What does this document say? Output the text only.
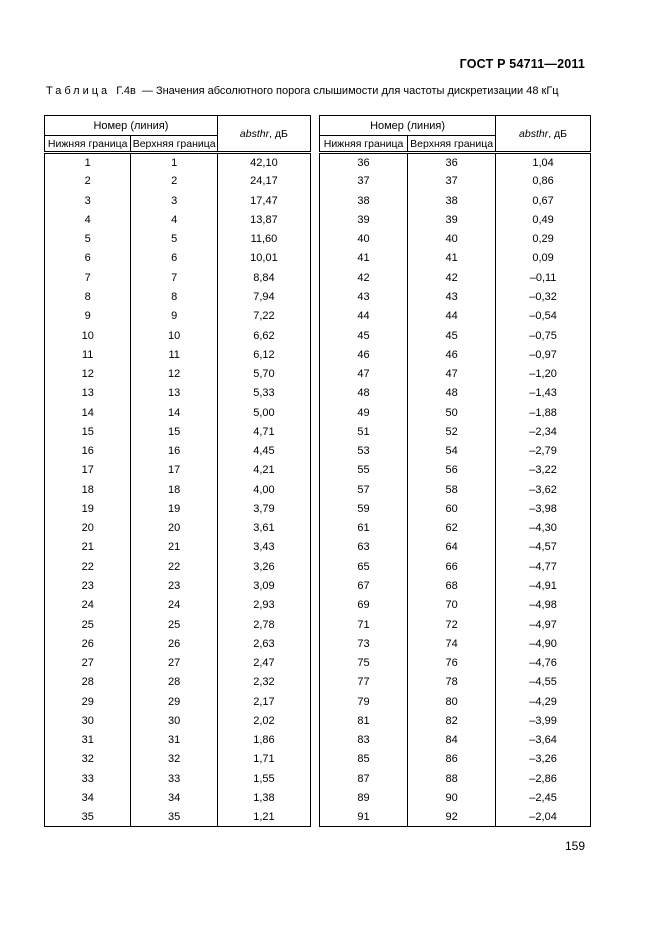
ГОСТ Р 54711—2011
Таблица Г.4в — Значения абсолютного порога слышимости для частоты дискретизации 48 кГц
Номер (линия)		absthr, дБ
Нижняя граница	Верхняя граница	
1	1	42,10
2	2	24,17
3	3	17,47
4	4	13,87
5	5	11,60
6	6	10,01
7	7	8,84
8	8	7,94
9	9	7,22
10	10	6,62
11	11	6,12
12	12	5,70
13	13	5,33
14	14	5,00
15	15	4,71
16	16	4,45
17	17	4,21
18	18	4,00
19	19	3,79
20	20	3,61
21	21	3,43
22	22	3,26
23	23	3,09
24	24	2,93
25	25	2,78
26	26	2,63
27	27	2,47
28	28	2,32
29	29	2,17
30	30	2,02
31	31	1,86
32	32	1,71
33	33	1,55
34	34	1,38
35	35	1,21
Номер (линия)		absthr, дБ
Нижняя граница	Верхняя граница	
36	36	1,04
37	37	0,86
38	38	0,67
39	39	0,49
40	40	0,29
41	41	0,09
42	42	–0,11
43	43	–0,32
44	44	–0,54
45	45	–0,75
46	46	–0,97
47	47	–1,20
48	48	–1,43
49	50	–1,88
51	52	–2,34
53	54	–2,79
55	56	–3,22
57	58	–3,62
59	60	–3,98
61	62	–4,30
63	64	–4,57
65	66	–4,77
67	68	–4,91
69	70	–4,98
71	72	–4,97
73	74	–4,90
75	76	–4,76
77	78	–4,55
79	80	–4,29
81	82	–3,99
83	84	–3,64
85	86	–3,26
87	88	–2,86
89	90	–2,45
91	92	–2,04
159
